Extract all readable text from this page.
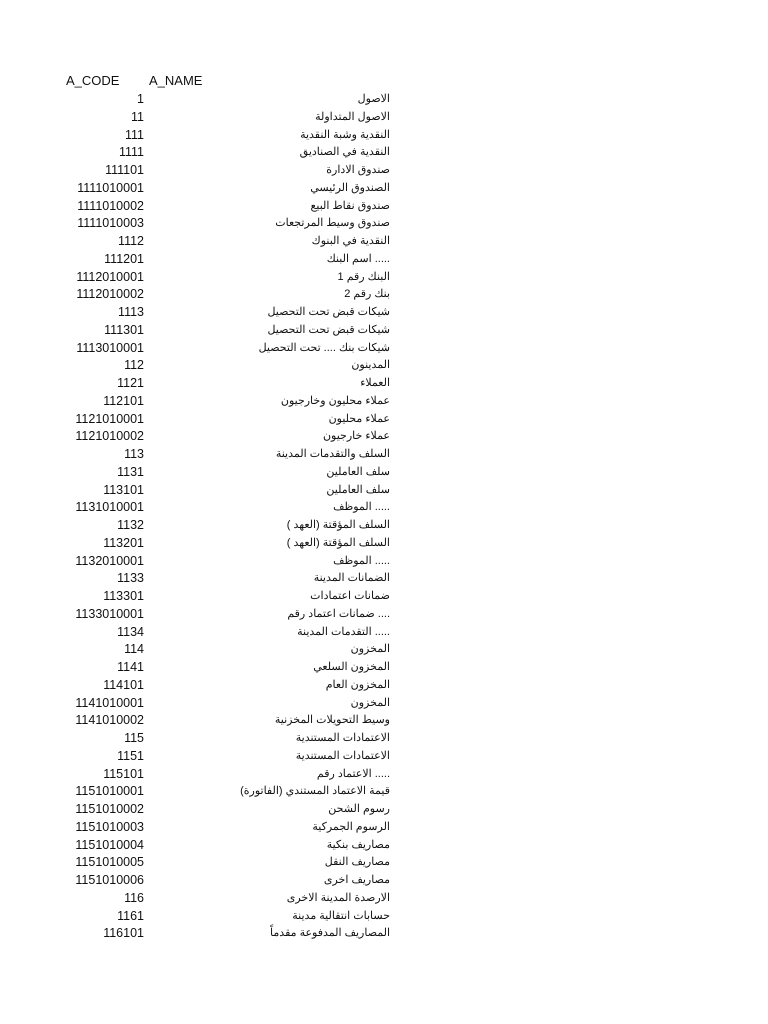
A_CODE A_NAME
1	الاصول
11	الاصول المتداولة
111	النقدية وشبة النقدية
1111	النقدية في الصناديق
111101	صندوق الادارة
1111010001	الصندوق الرئيسي
1111010002	صندوق نقاط البيع
1111010003	صندوق وسيط المرتجعات
1112	النقدية في البنوك
111201	..... اسم البنك
1112010001	البنك رقم 1
1112010002	بنك رقم 2
1113	شيكات قبض تحت التحصيل
111301	شيكات قبض تحت التحصيل
1113010001	شيكات بنك .... تحت التحصيل
112	المدينون
1121	العملاء
112101	عملاء محليون وخارجيون
1121010001	عملاء محليون
1121010002	عملاء خارجيون
113	السلف والتقدمات المدينة
1131	سلف العاملين
113101	سلف العاملين
1131010001	..... الموظف
1132	السلف المؤقتة (العهد )
113201	السلف المؤقتة (العهد )
1132010001	..... الموظف
1133	الضمانات المدينة
113301	ضمانات اعتمادات
1133010001	.... ضمانات اعتماد رقم
1134	..... التقدمات المدينة
114	المخزون
1141	المخزون السلعي
114101	المخزون العام
1141010001	المخزون
1141010002	وسيط التحويلات المخزنية
115	الاعتمادات المستندية
1151	الاعتمادات المستندية
115101	..... الاعتماد رقم
1151010001	قيمة الاعتماد المستندي (الفاتورة)
1151010002	رسوم الشحن
1151010003	الرسوم الجمركية
1151010004	مصاريف بنكية
1151010005	مصاريف النقل
1151010006	مصاريف اخرى
116	الارصدة المدينة الاخرى
1161	حسابات انتقالية مدينة
116101	المصاريف المدفوعة مقدماً
